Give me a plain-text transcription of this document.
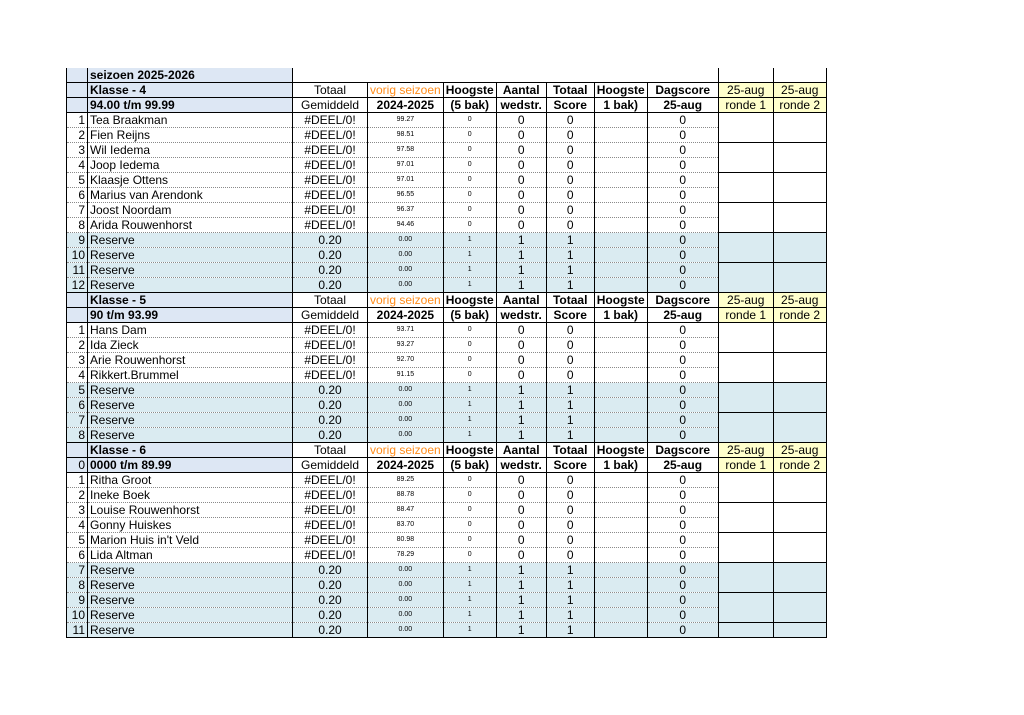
	seizoen 2025-2026									
	Klasse - 4	Totaal	vorig seizoen	Hoogste	Aantal	Totaal	Hoogste	Dagscore	25-aug	25-aug
	94.00 t/m 99.99	Gemiddeld	2024-2025	(5 bak)	wedstr.	Score	1 bak)	25-aug	ronde 1	ronde 2
1	Tea Braakman	#DEEL/0!	99.27	0	0	0		0		
2	Fien Reijns	#DEEL/0!	98.51	0	0	0		0		
3	Wil Iedema	#DEEL/0!	97.58	0	0	0		0		
4	Joop Iedema	#DEEL/0!	97.01	0	0	0		0		
5	Klaasje Ottens	#DEEL/0!	97.01	0	0	0		0		
6	Marius van Arendonk	#DEEL/0!	96.55	0	0	0		0		
7	Joost Noordam	#DEEL/0!	96.37	0	0	0		0		
8	Arida Rouwenhorst	#DEEL/0!	94.46	0	0	0		0		
9	Reserve	0.20	0.00	1	1	1		0		
10	Reserve	0.20	0.00	1	1	1		0		
11	Reserve	0.20	0.00	1	1	1		0		
12	Reserve	0.20	0.00	1	1	1		0		
	Klasse - 5	Totaal	vorig seizoen	Hoogste	Aantal	Totaal	Hoogste	Dagscore	25-aug	25-aug
	90 t/m 93.99	Gemiddeld	2024-2025	(5 bak)	wedstr.	Score	1 bak)	25-aug	ronde 1	ronde 2
1	Hans Dam	#DEEL/0!	93.71	0	0	0		0		
2	Ida Zieck	#DEEL/0!	93.27	0	0	0		0		
3	Arie Rouwenhorst	#DEEL/0!	92.70	0	0	0		0		
4	Rikkert.Brummel	#DEEL/0!	91.15	0	0	0		0		
5	Reserve	0.20	0.00	1	1	1		0		
6	Reserve	0.20	0.00	1	1	1		0		
7	Reserve	0.20	0.00	1	1	1		0		
8	Reserve	0.20	0.00	1	1	1		0		
	Klasse - 6	Totaal	vorig seizoen	Hoogste	Aantal	Totaal	Hoogste	Dagscore	25-aug	25-aug
0	0000 t/m 89.99	Gemiddeld	2024-2025	(5 bak)	wedstr.	Score	1 bak)	25-aug	ronde 1	ronde 2
1	Ritha Groot	#DEEL/0!	89.25	0	0	0		0		
2	Ineke Boek	#DEEL/0!	88.78	0	0	0		0		
3	Louise Rouwenhorst	#DEEL/0!	88.47	0	0	0		0		
4	Gonny Huiskes	#DEEL/0!	83.70	0	0	0		0		
5	Marion Huis in't Veld	#DEEL/0!	80.98	0	0	0		0		
6	Lida Altman	#DEEL/0!	78.29	0	0	0		0		
7	Reserve	0.20	0.00	1	1	1		0		
8	Reserve	0.20	0.00	1	1	1		0		
9	Reserve	0.20	0.00	1	1	1		0		
10	Reserve	0.20	0.00	1	1	1		0		
11	Reserve	0.20	0.00	1	1	1		0		
